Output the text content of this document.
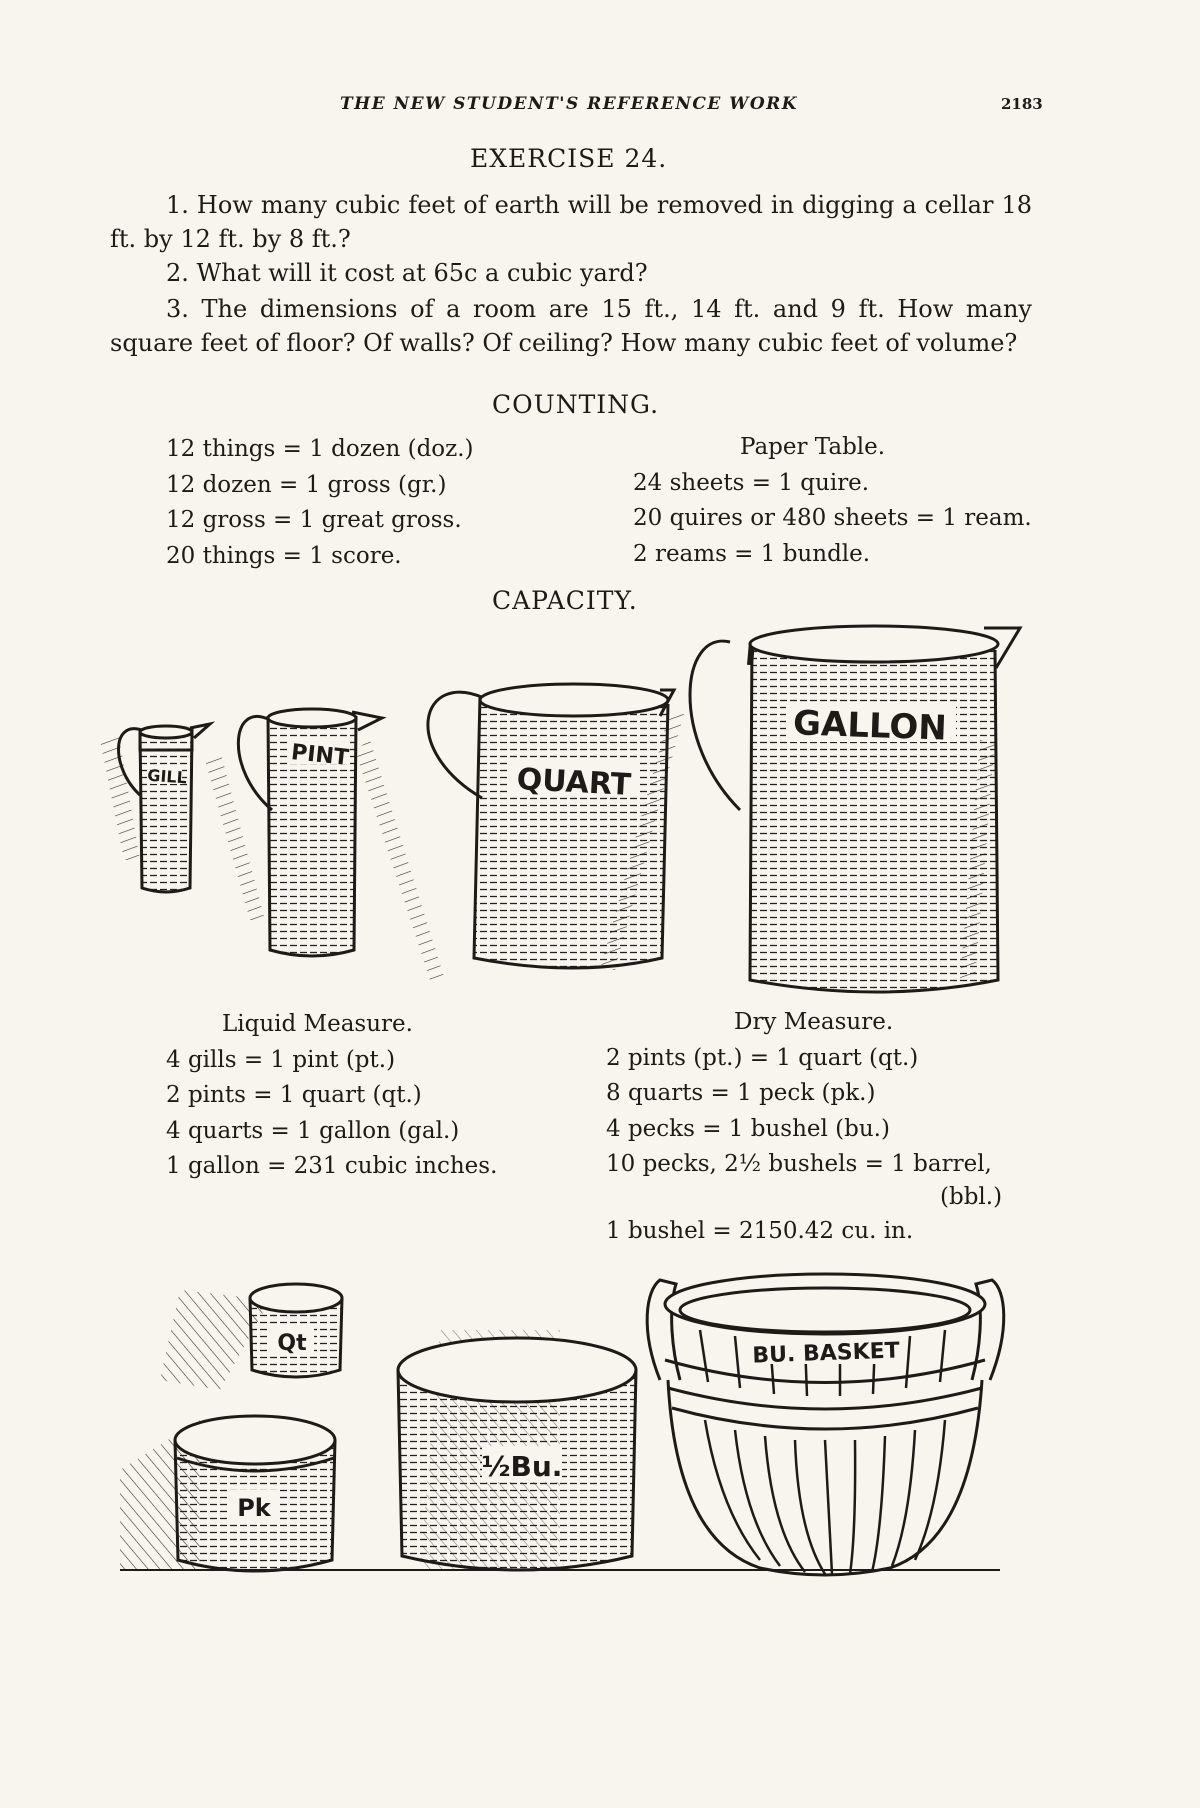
THE NEW STUDENT'S REFERENCE WORK	2183
EXERCISE 24.
1. How many cubic feet of earth will be removed in digging a cellar 18 ft. by 12 ft. by 8 ft.?
2. What will it cost at 65c a cubic yard?
3. The dimensions of a room are 15 ft., 14 ft. and 9 ft. How many square feet of floor? Of walls? Of ceiling? How many cubic feet of volume?
COUNTING.
12 things = 1 dozen (doz.)
12 dozen = 1 gross (gr.)
12 gross = 1 great gross.
20 things = 1 score.
Paper Table.
24 sheets = 1 quire.
20 quires or 480 sheets = 1 ream.
2 reams = 1 bundle.
CAPACITY.
GILL
PINT
QUART
GALLON
Liquid Measure.
4 gills = 1 pint (pt.)
2 pints = 1 quart (qt.)
4 quarts = 1 gallon (gal.)
1 gallon = 231 cubic inches.
Dry Measure.
2 pints (pt.) = 1 quart (qt.)
8 quarts = 1 peck (pk.)
4 pecks = 1 bushel (bu.)
10 pecks, 2½ bushels = 1 barrel,
(bbl.)
1 bushel = 2150.42 cu. in.
Qt
Pk
½Bu.
BU. BASKET
